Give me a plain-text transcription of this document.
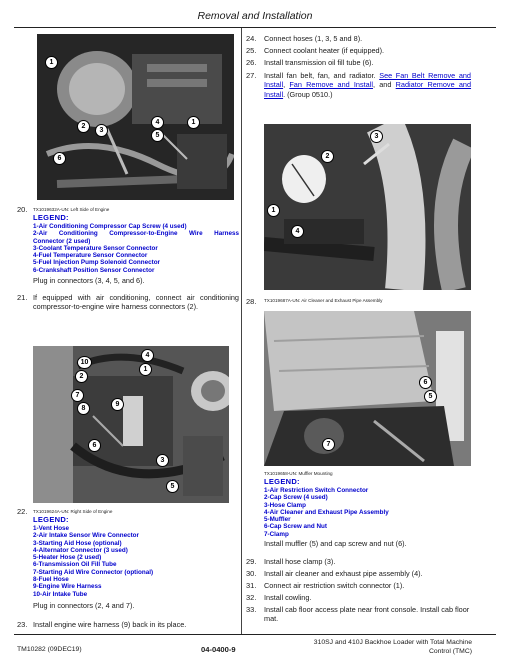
Removal and Installation
1
2
3
4
5
6
1
20. TX1019632A-UN: Left Side of Engine
LEGEND:
1-Air Conditioning Compressor Cap Screw (4 used)
2-Air Conditioning Compressor-to-Engine Wire Harness
Connector (2 used)
3-Coolant Temperature Sensor Connector
4-Fuel Temperature Sensor Connector
5-Fuel Injection Pump Solenoid Connector
6-Crankshaft Position Sensor Connector
Plug in connectors (3, 4, 5, and 6).
21. If equipped with air conditioning, connect air conditioning compressor-to-engine wire harness connectors (2).
10
2
4
1
7
8
9
6
3
5
22. TX1019624A-UN: Right Side of Engine
LEGEND:
1-Vent Hose
2-Air Intake Sensor Wire Connector
3-Starting Aid Hose (optional)
4-Alternator Connector (3 used)
5-Heater Hose (2 used)
6-Transmission Oil Fill Tube
7-Starting Aid Wire Connector (optional)
8-Fuel Hose
9-Engine Wire Harness
10-Air Intake Tube
Plug in connectors (2, 4 and 7).
23. Install engine wire harness (9) back in its place.
24. Connect hoses (1, 3, 5 and 8).
25. Connect coolant heater (if equipped).
26. Install transmission oil fill tube (6).
27. Install fan belt, fan, and radiator. See Fan Belt Remove and Install, Fan Remove and Install, and Radiator Remove and Install. (Group 0510.)
3
2
1
4
28. TX1019687A-UN: Air Cleaner and Exhaust Pipe Assembly
6
5
7
TX1019658-UN: Muffler Mounting
LEGEND:
1-Air Restriction Switch Connector
2-Cap Screw (4 used)
3-Hose Clamp
4-Air Cleaner and Exhaust Pipe Assembly
5-Muffler
6-Cap Screw and Nut
7-Clamp
Install muffler (5) and cap screw and nut (6).
29. Install hose clamp (3).
30. Install air cleaner and exhaust pipe assembly (4).
31. Connect air restriction switch connector (1).
32. Install cowling.
33. Install cab floor access plate near front console. Install cab floor mat.
TM10282 (09DEC19)	04-0400-9
310SJ and 410J Backhoe Loader with Total Machine
Control (TMC)
